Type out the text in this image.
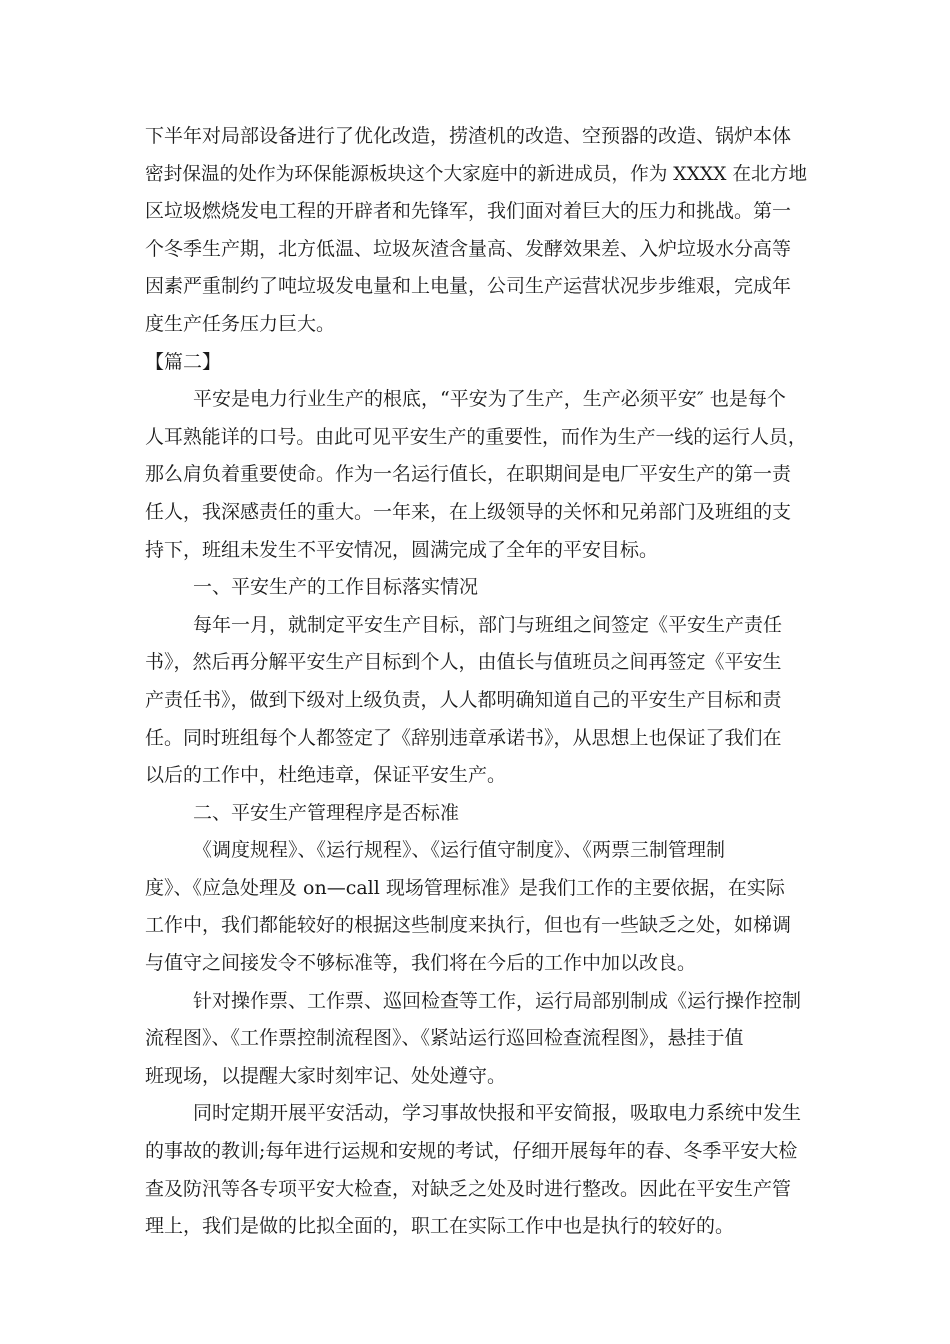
下半年对局部设备进行了优化改造，捞渣机的改造、空预器的改造、锅炉本体
密封保温的处作为环保能源板块这个大家庭中的新进成员，作为 XXXX 在北方地
区垃圾燃烧发电工程的开辟者和先锋军，我们面对着巨大的压力和挑战。第一
个冬季生产期，北方低温、垃圾灰渣含量高、发酵效果差、入炉垃圾水分高等
因素严重制约了吨垃圾发电量和上电量，公司生产运营状况步步维艰，完成年
度生产任务压力巨大。
【篇二】
平安是电力行业生产的根底，“平安为了生产，生产必须平安″ 也是每个
人耳熟能详的口号。由此可见平安生产的重要性，而作为生产一线的运行人员，
那么肩负着重要使命。作为一名运行值长，在职期间是电厂平安生产的第一责
任人，我深感责任的重大。一年来，在上级领导的关怀和兄弟部门及班组的支
持下，班组未发生不平安情况，圆满完成了全年的平安目标。
一、平安生产的工作目标落实情况
每年一月，就制定平安生产目标，部门与班组之间签定《平安生产责任
书》，然后再分解平安生产目标到个人，由值长与值班员之间再签定《平安生
产责任书》，做到下级对上级负责，人人都明确知道自己的平安生产目标和责
任。同时班组每个人都签定了《辞别违章承诺书》，从思想上也保证了我们在
以后的工作中，杜绝违章，保证平安生产。
二、平安生产管理程序是否标准
《调度规程》、《运行规程》、《运行值守制度》、《两票三制管理制
度》、《应急处理及 on—call 现场管理标准》是我们工作的主要依据，在实际
工作中，我们都能较好的根据这些制度来执行，但也有一些缺乏之处，如梯调
与值守之间接发令不够标准等，我们将在今后的工作中加以改良。
针对操作票、工作票、巡回检查等工作，运行局部别制成《运行操作控制
流程图》、《工作票控制流程图》、《紧站运行巡回检查流程图》，悬挂于值
班现场，以提醒大家时刻牢记、处处遵守。
同时定期开展平安活动，学习事故快报和平安简报，吸取电力系统中发生
的事故的教训;每年进行运规和安规的考试，仔细开展每年的春、冬季平安大检
查及防汛等各专项平安大检查，对缺乏之处及时进行整改。因此在平安生产管
理上，我们是做的比拟全面的，职工在实际工作中也是执行的较好的。
